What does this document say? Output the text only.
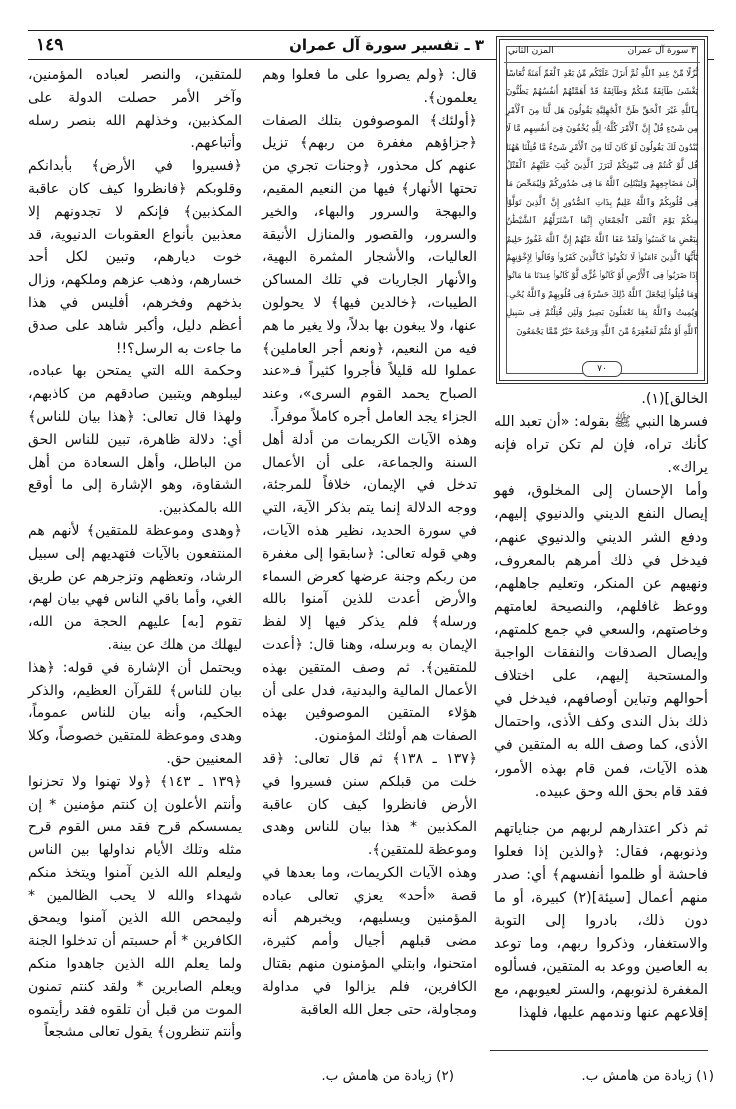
٣ ـ تفسير سورة آل عمران
١٤٩	المزن الثاني	٣ سورة آل عمران
نُّزُلًا مِّنْ عِندِ ٱللَّهِ ثُمَّ أَنزَلَ عَلَيْكُم مِّنۢ بَعْدِ ٱلْغَمِّ أَمَنَةً نُّعَاسًا يَغْشَىٰ طَآئِفَةً مِّنكُمْ وَطَآئِفَةٌ قَدْ أَهَمَّتْهُمْ أَنفُسُهُمْ يَظُنُّونَ بِٱللَّهِ غَيْرَ ٱلْحَقِّ ظَنَّ ٱلْجَٰهِلِيَّةِ يَقُولُونَ هَل لَّنَا مِنَ ٱلْأَمْرِ مِن شَىْءٍ قُلْ إِنَّ ٱلْأَمْرَ كُلَّهُۥ لِلَّهِ يُخْفُونَ فِىٓ أَنفُسِهِم مَّا لَا يُبْدُونَ لَكَ يَقُولُونَ لَوْ كَانَ لَنَا مِنَ ٱلْأَمْرِ شَىْءٌ مَّا قُتِلْنَا هَٰهُنَا قُل لَّوْ كُنتُمْ فِى بُيُوتِكُمْ لَبَرَزَ ٱلَّذِينَ كُتِبَ عَلَيْهِمُ ٱلْقَتْلُ إِلَىٰ مَضَاجِعِهِمْ وَلِيَبْتَلِىَ ٱللَّهُ مَا فِى صُدُورِكُمْ وَلِيُمَحِّصَ مَا فِى قُلُوبِكُمْ وَٱللَّهُ عَلِيمٌۢ بِذَاتِ ٱلصُّدُورِ إِنَّ ٱلَّذِينَ تَوَلَّوْا۟ مِنكُمْ يَوْمَ ٱلْتَقَى ٱلْجَمْعَانِ إِنَّمَا ٱسْتَزَلَّهُمُ ٱلشَّيْطَٰنُ بِبَعْضِ مَا كَسَبُوا۟ وَلَقَدْ عَفَا ٱللَّهُ عَنْهُمْ إِنَّ ٱللَّهَ غَفُورٌ حَلِيمٌ يَٰٓأَيُّهَا ٱلَّذِينَ ءَامَنُوا۟ لَا تَكُونُوا۟ كَٱلَّذِينَ كَفَرُوا۟ وَقَالُوا۟ لِإِخْوَٰنِهِمْ إِذَا ضَرَبُوا۟ فِى ٱلْأَرْضِ أَوْ كَانُوا۟ غُزًّى لَّوْ كَانُوا۟ عِندَنَا مَا مَاتُوا۟ وَمَا قُتِلُوا۟ لِيَجْعَلَ ٱللَّهُ ذَٰلِكَ حَسْرَةً فِى قُلُوبِهِمْ وَٱللَّهُ يُحْىِۦ وَيُمِيتُ وَٱللَّهُ بِمَا تَعْمَلُونَ بَصِيرٌ وَلَئِن قُتِلْتُمْ فِى سَبِيلِ ٱللَّهِ أَوْ مُتُّمْ لَمَغْفِرَةٌ مِّنَ ٱللَّهِ وَرَحْمَةٌ خَيْرٌ مِّمَّا يَجْمَعُونَ
٧٠

الخالق](١).

فسرها النبي ﷺ بقوله: «أن تعبد الله كأنك تراه، فإن لم تكن تراه فإنه يراك».

وأما الإحسان إلى المخلوق، فهو إيصال النفع الديني والدنيوي إليهم، ودفع الشر الديني والدنيوي عنهم، فيدخل في ذلك أمرهم بالمعروف، ونهيهم عن المنكر، وتعليم جاهلهم، ووعظ غافلهم، والنصيحة لعامتهم وخاصتهم، والسعي في جمع كلمتهم، وإيصال الصدقات والنفقات الواجبة والمستحبة إليهم، على اختلاف أحوالهم وتباين أوصافهم، فيدخل في ذلك بذل الندى وكف الأذى، واحتمال الأذى، كما وصف الله به المتقين في هذه الآيات، فمن قام بهذه الأمور، فقد قام بحق الله وحق عبيده.

ثم ذكر اعتذارهم لربهم من جناياتهم وذنوبهم، فقال: ﴿والذين إذا فعلوا فاحشة أو ظلموا أنفسهم﴾ أي: صدر منهم أعمال [سيئة](٢) كبيرة، أو ما دون ذلك، بادروا إلى التوبة والاستغفار، وذكروا ربهم، وما توعد به العاصين ووعد به المتقين، فسألوه المغفرة لذنوبهم، والستر لعيوبهم، مع إقلاعهم عنها وندمهم عليها، فلهذا

قال: ﴿ولم يصروا على ما فعلوا وهم يعلمون﴾.

﴿أولئك﴾ الموصوفون بتلك الصفات ﴿جزاؤهم مغفرة من ربهم﴾ تزيل عنهم كل محذور، ﴿وجنات تجري من تحتها الأنهار﴾ فيها من النعيم المقيم، والبهجة والسرور والبهاء، والخير والسرور، والقصور والمنازل الأنيقة العاليات، والأشجار المثمرة البهية، والأنهار الجاريات في تلك المساكن الطيبات، ﴿خالدين فيها﴾ لا يحولون عنها، ولا يبغون بها بدلاً، ولا يغير ما هم فيه من النعيم، ﴿ونعم أجر العاملين﴾ عملوا لله قليلاً فأجروا كثيراً فـ«عند الصباح يحمد القوم السرى»، وعند الجزاء يجد العامل أجره كاملاً موفراً.

وهذه الآيات الكريمات من أدلة أهل السنة والجماعة، على أن الأعمال تدخل في الإيمان، خلافاً للمرجئة، ووجه الدلالة إنما يتم بذكر الآية، التي في سورة الحديد، نظير هذه الآيات، وهي قوله تعالى: ﴿سابقوا إلى مغفرة من ربكم وجنة عرضها كعرض السماء والأرض أعدت للذين آمنوا بالله ورسله﴾ فلم يذكر فيها إلا لفظ الإيمان به وبرسله، وهنا قال: ﴿أعدت للمتقين﴾. ثم وصف المتقين بهذه الأعمال المالية والبدنية، فدل على أن هؤلاء المتقين الموصوفين بهذه الصفات هم أولئك المؤمنون.

﴿١٣٧ ـ ١٣٨﴾ ثم قال تعالى: ﴿قد خلت من قبلكم سنن فسيروا في الأرض فانظروا كيف كان عاقبة المكذبين * هذا بيان للناس وهدى وموعظة للمتقين﴾.

وهذه الآيات الكريمات، وما بعدها في قصة «أحد» يعزي تعالى عباده المؤمنين ويسليهم، ويخبرهم أنه مضى قبلهم أجيال وأمم كثيرة، امتحنوا، وابتلي المؤمنون منهم بقتال الكافرين، فلم يزالوا في مداولة ومجاولة، حتى جعل الله العاقبة

للمتقين، والنصر لعباده المؤمنين، وآخر الأمر حصلت الدولة على المكذبين، وخذلهم الله بنصر رسله وأتباعهم.

﴿فسيروا في الأرض﴾ بأبدانكم وقلوبكم ﴿فانظروا كيف كان عاقبة المكذبين﴾ فإنكم لا تجدونهم إلا معذبين بأنواع العقوبات الدنيوية، قد خوت ديارهم، وتبين لكل أحد خسارهم، وذهب عزهم وملكهم، وزال بذخهم وفخرهم، أفليس في هذا أعظم دليل، وأكبر شاهد على صدق ما جاءت به الرسل؟!!

وحكمة الله التي يمتحن بها عباده، ليبلوهم ويتبين صادقهم من كاذبهم، ولهذا قال تعالى: ﴿هذا بيان للناس﴾ أي: دلالة ظاهرة، تبين للناس الحق من الباطل، وأهل السعادة من أهل الشقاوة، وهو الإشارة إلى ما أوقع الله بالمكذبين.

﴿وهدى وموعظة للمتقين﴾ لأنهم هم المنتفعون بالآيات فتهديهم إلى سبيل الرشاد، وتعظهم وتزجرهم عن طريق الغي، وأما باقي الناس فهي بيان لهم، تقوم [به] عليهم الحجة من الله، ليهلك من هلك عن بينة.

ويحتمل أن الإشارة في قوله: ﴿هذا بيان للناس﴾ للقرآن العظيم، والذكر الحكيم، وأنه بيان للناس عموماً، وهدى وموعظة للمتقين خصوصاً، وكلا المعنيين حق.

﴿١٣٩ ـ ١٤٣﴾ ﴿ولا تهنوا ولا تحزنوا وأنتم الأعلون إن كنتم مؤمنين * إن يمسسكم قرح فقد مس القوم قرح مثله وتلك الأيام نداولها بين الناس وليعلم الله الذين آمنوا ويتخذ منكم شهداء والله لا يحب الظالمين * وليمحص الله الذين آمنوا ويمحق الكافرين * أم حسبتم أن تدخلوا الجنة ولما يعلم الله الذين جاهدوا منكم ويعلم الصابرين * ولقد كنتم تمنون الموت من قبل أن تلقوه فقد رأيتموه وأنتم تنظرون﴾ يقول تعالى مشجعاً

(١) زيادة من هامش ب.
(٢) زيادة من هامش ب.
